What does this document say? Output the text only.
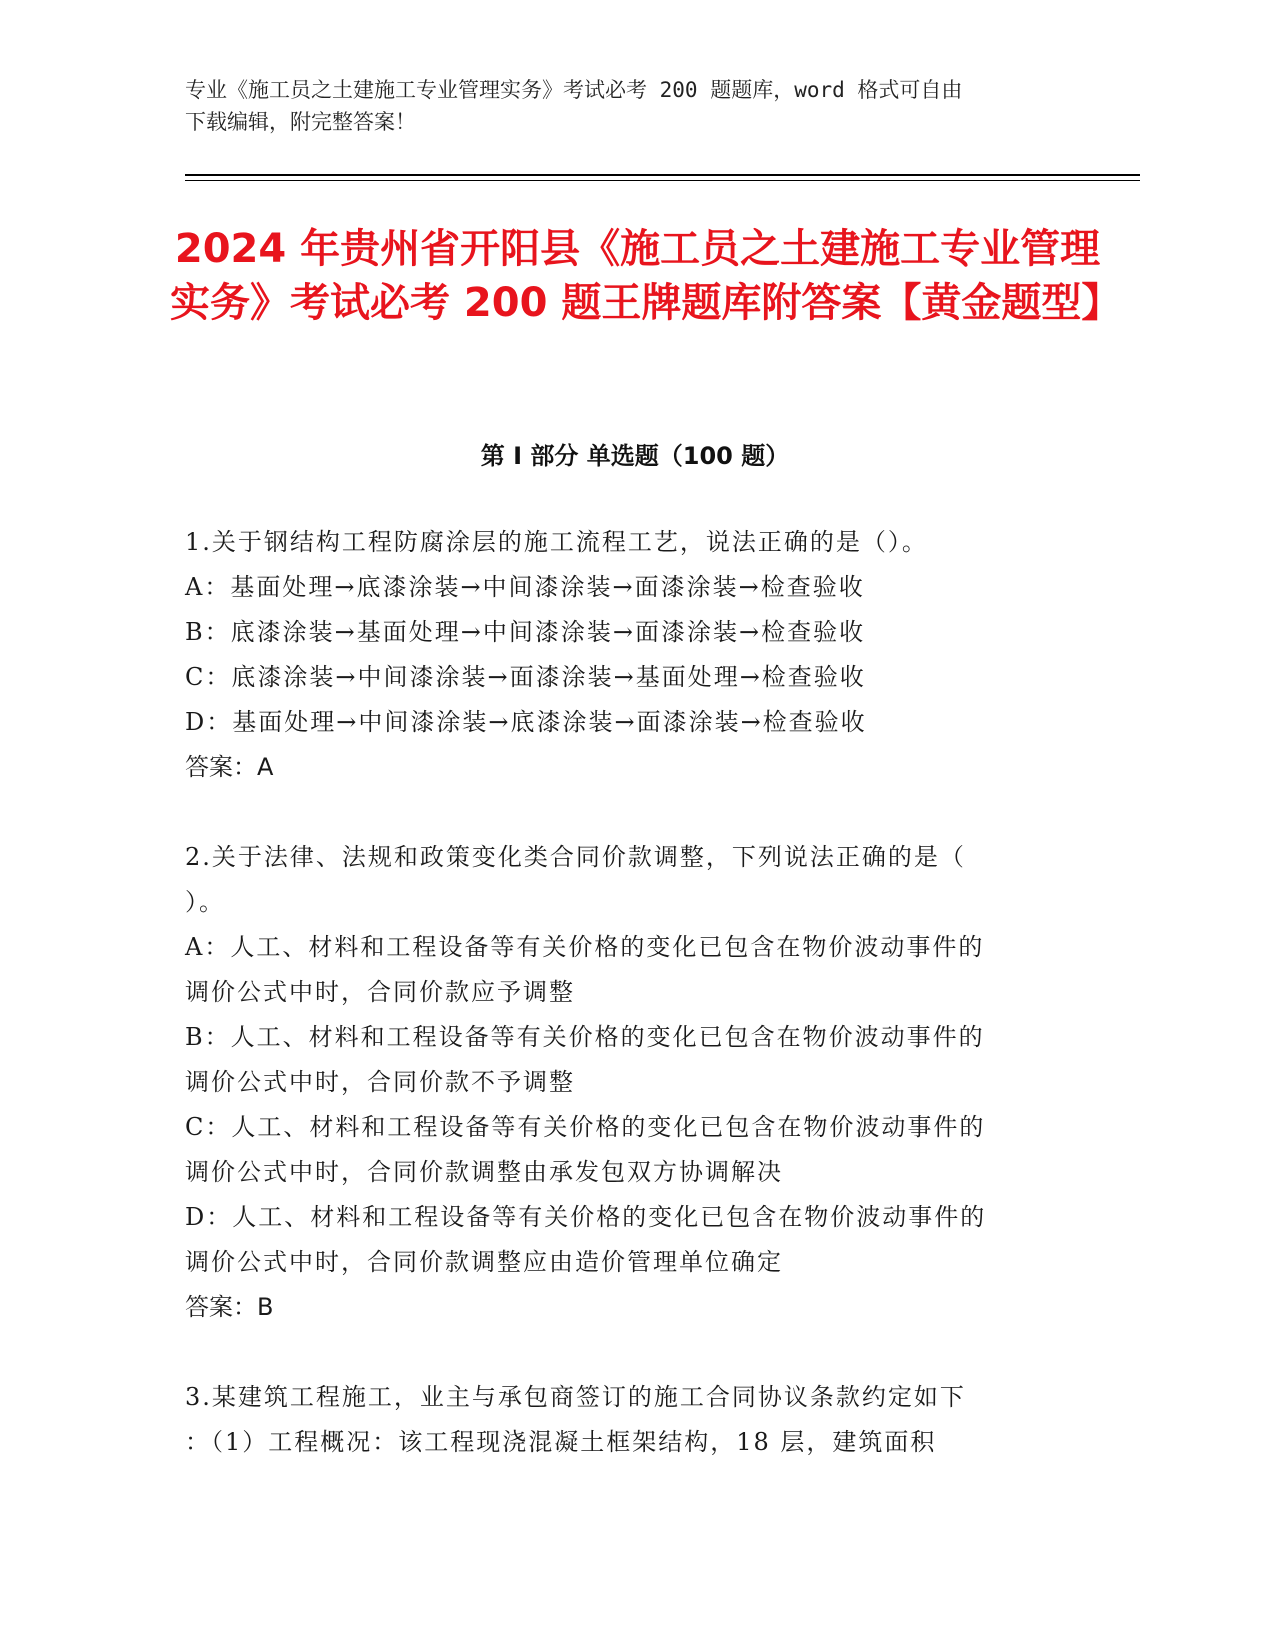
专业《施工员之土建施工专业管理实务》考试必考 200 题题库，word 格式可自由
下载编辑，附完整答案！
2024 年贵州省开阳县《施工员之土建施工专业管理实务》考试必考 200 题王牌题库附答案【黄金题型】
第 I 部分 单选题（100 题）

1.关于钢结构工程防腐涂层的施工流程工艺，说法正确的是（）。

A：基面处理→底漆涂装→中间漆涂装→面漆涂装→检查验收

B：底漆涂装→基面处理→中间漆涂装→面漆涂装→检查验收

C：底漆涂装→中间漆涂装→面漆涂装→基面处理→检查验收

D：基面处理→中间漆涂装→底漆涂装→面漆涂装→检查验收

答案：A

2.关于法律、法规和政策变化类合同价款调整，下列说法正确的是（

）。

A：人工、材料和工程设备等有关价格的变化已包含在物价波动事件的

调价公式中时，合同价款应予调整

B：人工、材料和工程设备等有关价格的变化已包含在物价波动事件的

调价公式中时，合同价款不予调整

C：人工、材料和工程设备等有关价格的变化已包含在物价波动事件的

调价公式中时，合同价款调整由承发包双方协调解决

D：人工、材料和工程设备等有关价格的变化已包含在物价波动事件的

调价公式中时，合同价款调整应由造价管理单位确定

答案：B

3.某建筑工程施工，业主与承包商签订的施工合同协议条款约定如下

：（1）工程概况：该工程现浇混凝土框架结构，18 层，建筑面积
